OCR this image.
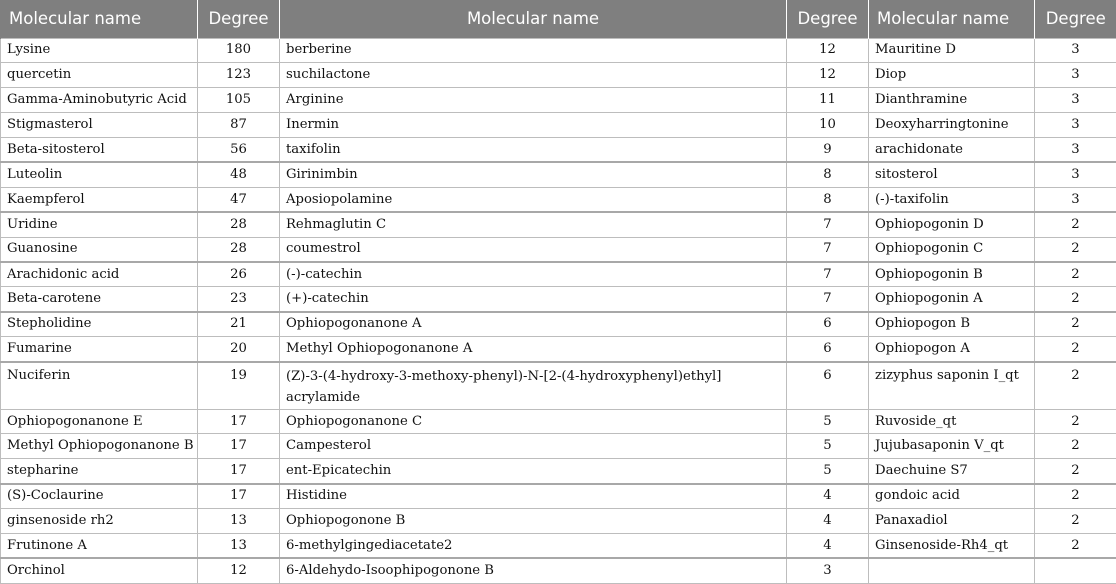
Molecular name	Degree	Molecular name	Degree	Molecular name	Degree
Lysine	180	berberine	12	Mauritine D	3
quercetin	123	suchilactone	12	Diop	3
Gamma-Aminobutyric Acid	105	Arginine	11	Dianthramine	3
Stigmasterol	87	Inermin	10	Deoxyharringtonine	3
Beta-sitosterol	56	taxifolin	9	arachidonate	3
Luteolin	48	Girinimbin	8	sitosterol	3
Kaempferol	47	Aposiopolamine	8	(-)-taxifolin	3
Uridine	28	Rehmaglutin C	7	Ophiopogonin D	2
Guanosine	28	coumestrol	7	Ophiopogonin C	2
Arachidonic acid	26	(-)-catechin	7	Ophiopogonin B	2
Beta-carotene	23	(+)-catechin	7	Ophiopogonin A	2
Stepholidine	21	Ophiopogonanone A	6	Ophiopogon B	2
Fumarine	20	Methyl Ophiopogonanone A	6	Ophiopogon A	2
Nuciferin	19	(Z)-3-(4-hydroxy-3-methoxy-phenyl)-N-[2-(4-hydroxyphenyl)ethyl] acrylamide	6	zizyphus saponin I_qt	2
Ophiopogonanone E	17	Ophiopogonanone C	5	Ruvoside_qt	2
Methyl Ophiopogonanone B	17	Campesterol	5	Jujubasaponin V_qt	2
stepharine	17	ent-Epicatechin	5	Daechuine S7	2
(S)-Coclaurine	17	Histidine	4	gondoic acid	2
ginsenoside rh2	13	Ophiopogonone B	4	Panaxadiol	2
Frutinone A	13	6-methylgingediacetate2	4	Ginsenoside-Rh4_qt	2
Orchinol	12	6-Aldehydo-Isoophipogonone B	3		
